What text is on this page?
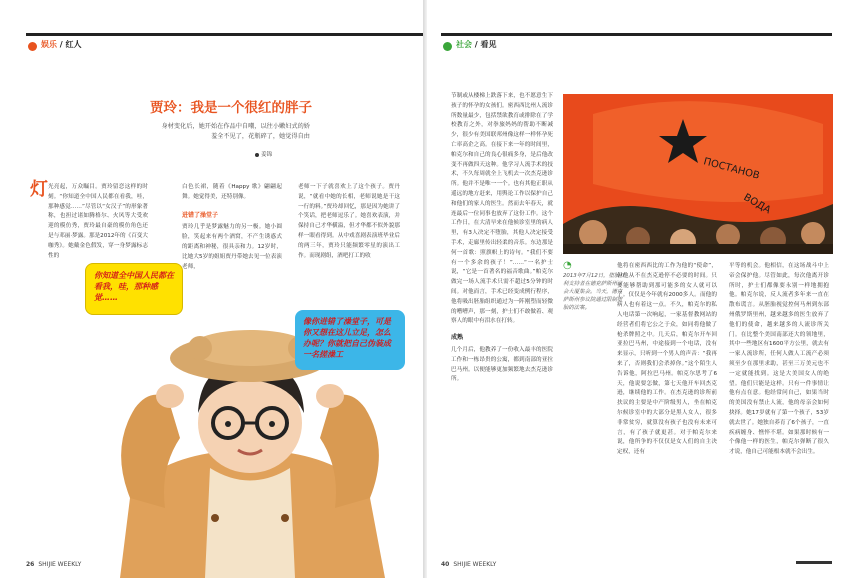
娱乐 / 红人
贾玲：我是一个很红的胖子
身材变化后，她开始在作品中自嘲，以往小嫩妇式的娇羞全不见了，花瓶碎了，她觉得自由
姜锦
灯 光亮起，万众瞩目。贾玲留恋这样的时刻。“你知道全中国人民都在看我，哇，那种感觉……”尽管以“女汉子”的形象著称，也担过诸如腾格尔、火风等大受欢迎的模仿秀，贾玲最自豪的模仿角色还是与邓丽·梦露。那是2012年的《百变大咖秀》。她戴金色假发，穿一身梦露标志性的
白色长裙，随着《Happy 歌》翩翩起舞。她觉得美，还特别像。
进错了澡堂子
贾玲几乎是梦露魅力的另一极。她小圆脸，笑起来有两个酒窝，不产生诱惑式的距离和神秘，很具亲和力。12岁时，比她大5岁的姐姐贾丹带她去见一位表演老师，
老师一下子就喜欢上了这个孩子。贾丹说，“就看中她的长相，老师说她是干这一行的料。”贾玲却回忆，那是因为她讲了个笑话，把老师逗乐了。她喜欢表演，并保持自己才华横溢，但才华都不似外貌那样一眼看得到。从中戏喜剧表演班毕业后的两三年，贾玲只能频繁零星的演出工作。而现剧组，酒吧打工的收
你知道全中国人民都在看我，哇，那种感觉……
像你进错了澡堂子，可是你又想在这儿立足，怎么办呢？你就把自己伪装成一名搓澡工
26 SHIJIE WEEKLY
社会 / 看见
节制或从楼梯上跌落下来，也不愿意生下孩子的怀孕的女孩们。密西西比州人流诊所数量最少，包括禁欲教育或排除在了学校教育之外，对拳旅妈妈的帮助不断减少，很少有美国联邦州像这样一样怀孕死亡率高企之高。在接下来一年的时间里，帕克尔和自己的良心很痛多身，是后他改变不再做四天这种。他学习人流手术的技术，不久每周就全上飞机去一次杰克逊诊所。他并不是唯一一个。也有其他正职从遥远的地方赶来，用舆论工作以保护自己和他们的家人的医生。然而去年春天，就连最后一位同事也放弃了这份工作。这个工作日，在大清早来在他候诊室里的病人里，有3人决定不堕胎，其他人决定接受手术，走廊里传出轻柔的音乐。东边那是何一首歌：照旗帜上的诗句。“我们不要有一个多余的孩子！”……“一名护士说，“它是一首著名的福音歌曲。”帕克尔做完一场人流手术只需不超过5分钟的时间。对他而言，手术已经变成例行程序，他将吸出胚胎组织通过为一阵刚塑而轻微的嘈嘈声，那一刻，护士们不敢做着、观察人的眼中有泪水在打转。
成熟
几个月后，他教养了一份收入最丰的医院工作和一栋昂贵的公寓，都到南部的亚拉巴马州。以便能够更加频繁地去杰克逊诊所。
ПОСТАНОВ
ВОДА
◔
2013年7月12日，堕胎权利支持者在德克萨斯州议会大厦集会。当天，德克萨斯州参议院通过限制堕胎的法案。
他将在密西西比的工作为他的“使命”，但他从不在杰克逊停不必要的时间。只要能够帮助到那可能多的女人就可以了。仅仅是今年就有2000多人。而他的病人也有着这一点。不久，帕克尔的私人电话第一次响起，一家基督教网站的经营者们将它公之于众，如同将他做了枪杀牌照之中。几天后，帕克尔开车回亚拉巴马州，中途接到一个电话，没有来显示，只听到一个男人的声音：“我再来了，否则我们会杀掉你。”这个陌生人告诉他，阿拉巴马州。帕克尔思考了6天，他说要怎做，第七天他开车回杰克逊，继续他的工作。在杰克逊的诊所前扶议的主要是中产阶级男人，坐在帕克尔候诊室中的大部分是黑人女人，很多非常贫穷，就算没有孩子也没有未来可言，有了孩子就更甚。对于帕克尔来说，他所争的不仅仅是女人们的自主决定权，还有
平等的机会。他相信，在这场战斗中上帝会保护他。尽管如此，每次他离开诊所时，护士们都像要永别一样地拥抱他。帕克尔说，反人流者多年来一直在散布谎言。从胚胎视觉控何马州到东部州俄罗斯里州，越来越多的医生放弃了他们的使命，越来越多的人流诊所关门。在比整个美国南部还大的领地里，其中一些地区有1600平方公里，就去有一家人流诊所，任何人做人工流产必须须至少在那里求助，甚至三万美元也不一定就能找到。这是大美国女人的绝望。他们只能是这样。只有一件事情让他有点在意。他经常问自己，如果当时的美国没有禁止人流，他的母亲会如何抉择。她17岁就有了第一个孩子，53岁就去世了。她独自养育了6个孩子，一直疾病缠身、憔悴不堪。如果那时候有一个像他一样的医生，帕克尔弹断了很久才说，他自己可能根本就不会出生。
40 SHIJIE WEEKLY
